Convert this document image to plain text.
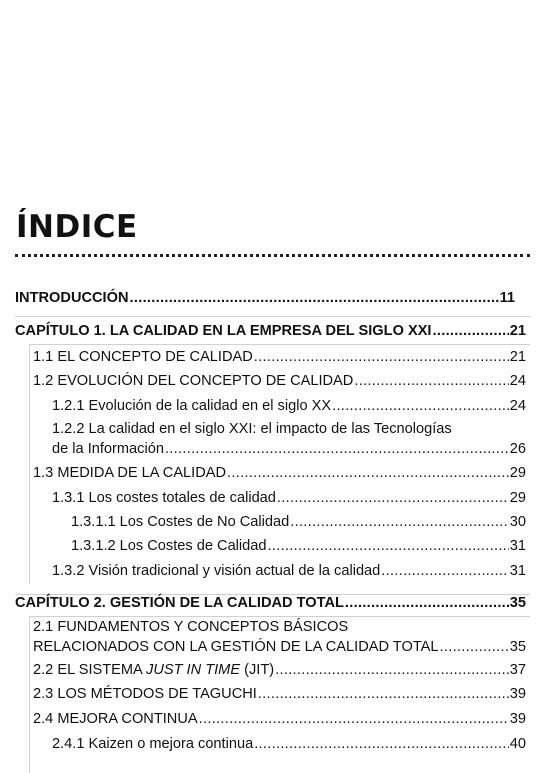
ÍNDICE
INTRODUCCIÓN .....	11
CAPÍTULO 1. LA CALIDAD EN LA EMPRESA DEL SIGLO XXI .....	21
1.1 EL CONCEPTO DE CALIDAD .....	21
1.2 EVOLUCIÓN DEL CONCEPTO DE CALIDAD .....	24
1.2.1 Evolución de la calidad en el siglo XX .....	24
1.2.2 La calidad en el siglo XXI: el impacto de las Tecnologías
de la Información .....	26
1.3 MEDIDA DE LA CALIDAD .....	29
1.3.1 Los costes totales de calidad .....	29
1.3.1.1 Los Costes de No Calidad .....	30
1.3.1.2 Los Costes de Calidad .....	31
1.3.2 Visión tradicional y visión actual de la calidad .....	31
CAPÍTULO 2. GESTIÓN DE LA CALIDAD TOTAL .....	35
2.1 FUNDAMENTOS Y CONCEPTOS BÁSICOS
RELACIONADOS CON LA GESTIÓN DE LA CALIDAD TOTAL .....	35
2.2 EL SISTEMA JUST IN TIME (JIT) .....	37
2.3 LOS MÉTODOS DE TAGUCHI .....	39
2.4 MEJORA CONTINUA .....	39
2.4.1 Kaizen o mejora continua .....	40
